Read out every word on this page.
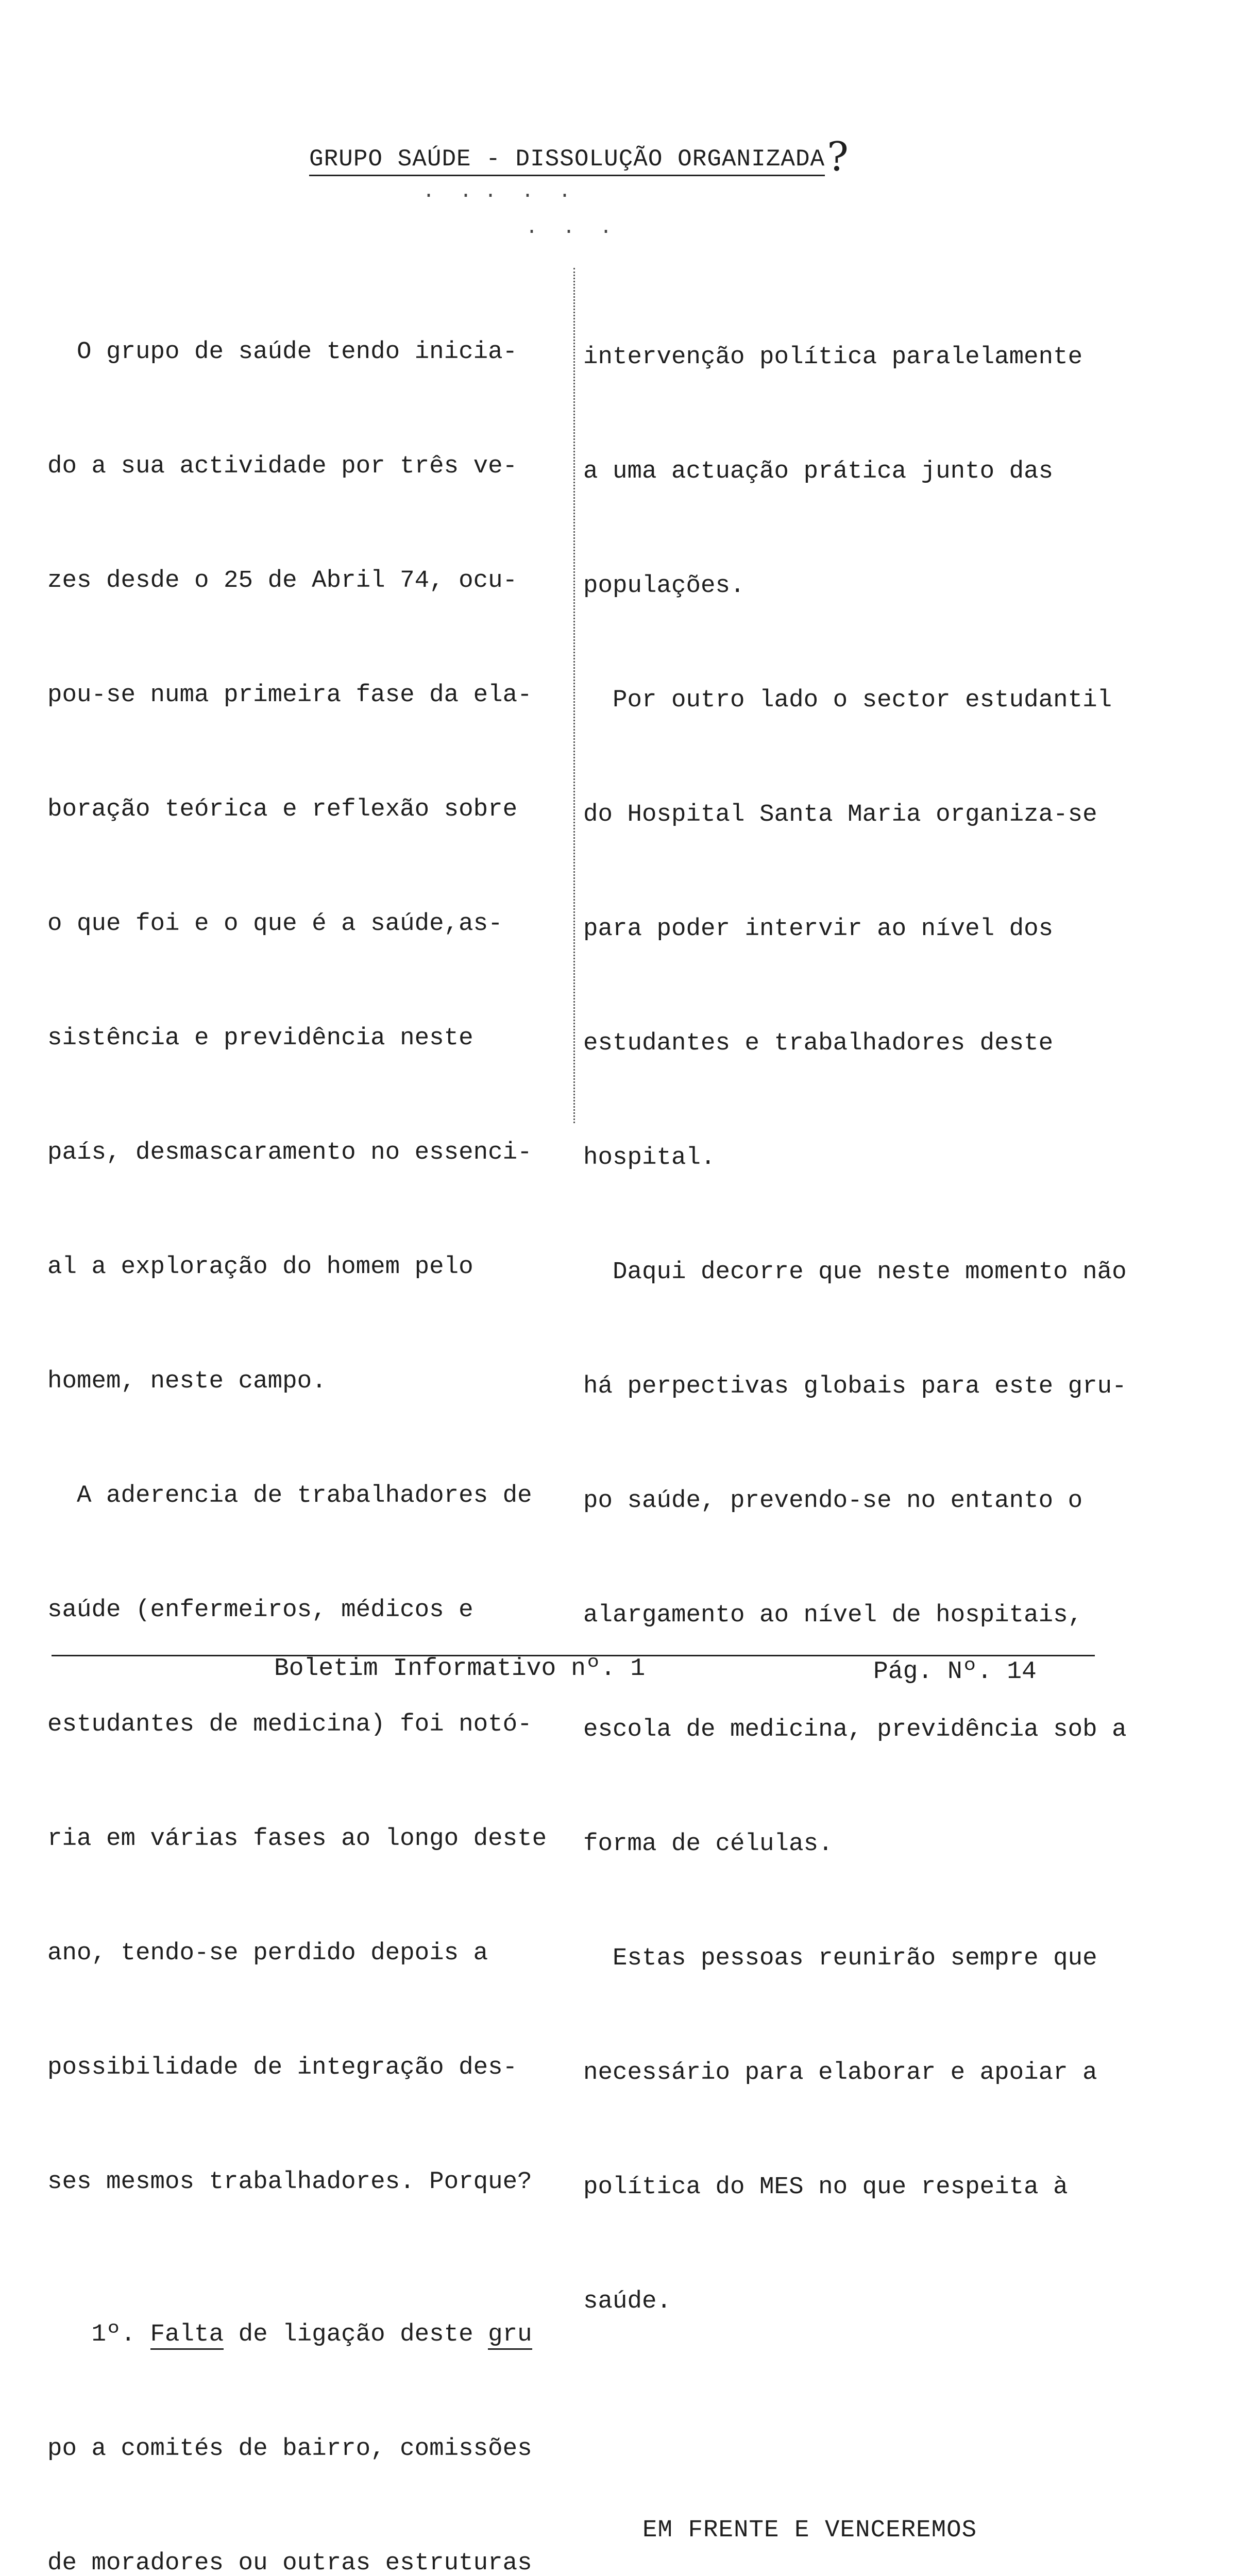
GRUPO SAÚDE - DISSOLUÇÃO ORGANIZADA?
.  . .  .  .
.  .  .

O grupo de saúde tendo inicia-

do a sua actividade por três ve-

zes desde o 25 de Abril 74, ocu-

pou-se numa primeira fase da ela-

boração teórica e reflexão sobre

o que foi e o que é a saúde,as-

sistência e previdência neste

país, desmascaramento no essenci-

al a exploração do homem pelo

homem, neste campo.

A aderencia de trabalhadores de

saúde (enfermeiros, médicos e

estudantes de medicina) foi notó-

ria em várias fases ao longo deste

ano, tendo-se perdido depois a

possibilidade de integração des-

ses mesmos trabalhadores. Porque?

1º. Falta de ligação deste gru

po a comités de bairro, comissões

de moradores ou outras estruturas

intervenção política paralelamente

a uma actuação prática junto das

populações.

Por outro lado o sector estudantil

do Hospital Santa Maria organiza-se

para poder intervir ao nível dos

estudantes e trabalhadores deste

hospital.

Daqui decorre que neste momento não

há perpectivas globais para este gru-

po saúde, prevendo-se no entanto o

alargamento ao nível de hospitais,

escola de medicina, previdência sob a

forma de células.

Estas pessoas reunirão sempre que

necessário para elaborar e apoiar a

política do MES no que respeita à

saúde.

EM FRENTE E VENCEREMOS

Boletim Informativo nº. 1	Pág. Nº. 14
